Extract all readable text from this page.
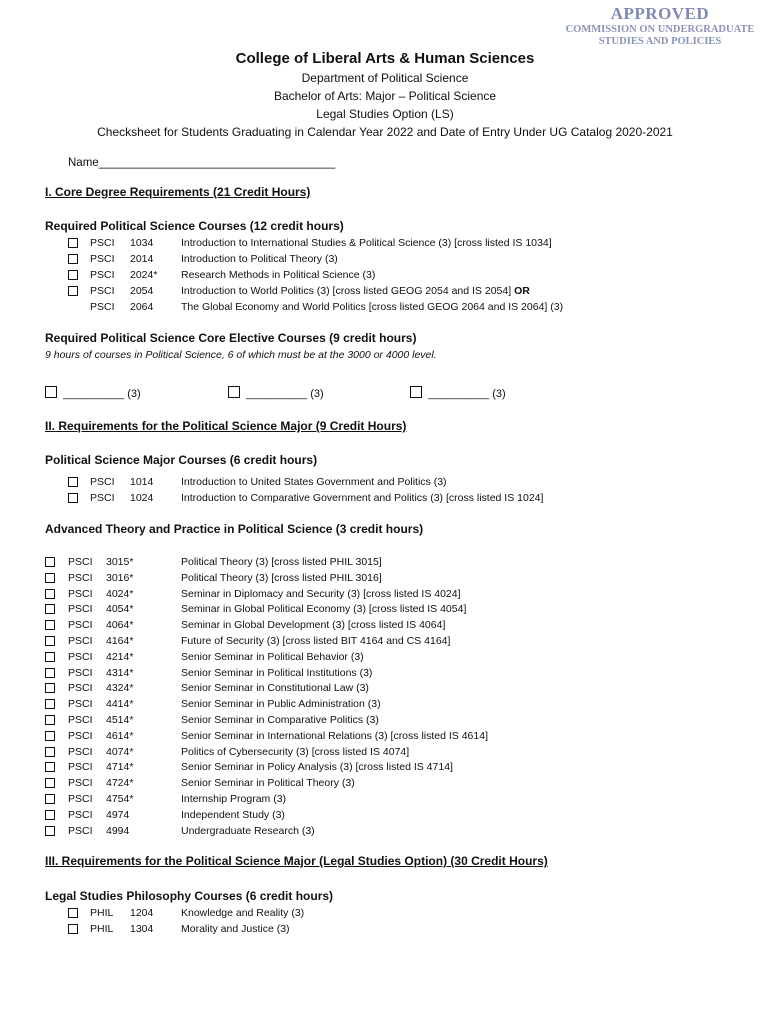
APPROVED
COMMISSION ON UNDERGRADUATE
STUDIES AND POLICIES
College of Liberal Arts & Human Sciences
Department of Political Science
Bachelor of Arts: Major – Political Science
Legal Studies Option (LS)
Checksheet for Students Graduating in Calendar Year 2022 and Date of Entry Under UG Catalog 2020-2021
Name_____________________________________
I. Core Degree Requirements (21 Credit Hours)
Required Political Science Courses (12 credit hours)
PSCI 1034	Introduction to International Studies & Political Science (3) [cross listed IS 1034]
PSCI 2014	Introduction to Political Theory (3)
PSCI 2024* Research Methods in Political Science (3)
PSCI 2054	Introduction to World Politics (3) [cross listed GEOG 2054 and IS 2054] OR
PSCI 2064	The Global Economy and World Politics [cross listed GEOG 2064 and IS 2064] (3)
Required Political Science Core Elective Courses (9 credit hours)
9 hours of courses in Political Science, 6 of which must be at the 3000 or 4000 level.
__________ (3)	__________ (3)	__________ (3)
II. Requirements for the Political Science Major (9 Credit Hours)
Political Science Major Courses (6 credit hours)
PSCI 1014	Introduction to United States Government and Politics (3)
PSCI 1024	Introduction to Comparative Government and Politics (3) [cross listed IS 1024]
Advanced Theory and Practice in Political Science (3 credit hours)
PSCI 3015*	Political Theory (3) [cross listed PHIL 3015]
PSCI 3016*	Political Theory (3) [cross listed PHIL 3016]
PSCI 4024*	Seminar in Diplomacy and Security (3) [cross listed IS 4024]
PSCI 4054*	Seminar in Global Political Economy (3) [cross listed IS 4054]
PSCI 4064*	Seminar in Global Development (3) [cross listed IS 4064]
PSCI 4164*	Future of Security (3) [cross listed BIT 4164 and CS 4164]
PSCI 4214*	Senior Seminar in Political Behavior (3)
PSCI 4314*	Senior Seminar in Political Institutions (3)
PSCI 4324*	Senior Seminar in Constitutional Law (3)
PSCI 4414*	Senior Seminar in Public Administration (3)
PSCI 4514*	Senior Seminar in Comparative Politics (3)
PSCI 4614*	Senior Seminar in International Relations (3) [cross listed IS 4614]
PSCI 4074*	Politics of Cybersecurity (3) [cross listed IS 4074]
PSCI 4714*	Senior Seminar in Policy Analysis (3) [cross listed IS 4714]
PSCI 4724*	Senior Seminar in Political Theory (3)
PSCI 4754*	Internship Program (3)
PSCI 4974	Independent Study (3)
PSCI 4994	Undergraduate Research (3)
III. Requirements for the Political Science Major (Legal Studies Option) (30 Credit Hours)
Legal Studies Philosophy Courses (6 credit hours)
PHIL 1204	Knowledge and Reality (3)
PHIL 1304	Morality and Justice (3)
